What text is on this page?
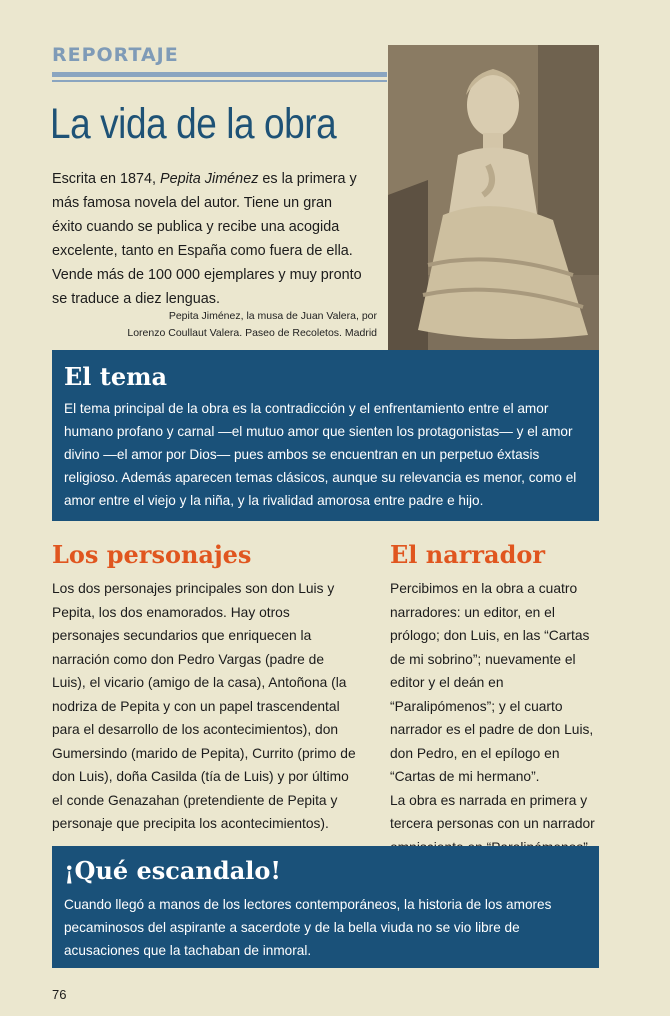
REPORTAJE
La vida de la obra

Escrita en 1874, Pepita Jiménez es la primera y más famosa novela del autor. Tiene un gran éxito cuando se publica y recibe una acogida excelente, tanto en España como fuera de ella. Vende más de 100 000 ejemplares y muy pronto se traduce a diez lenguas.

Pepita Jiménez, la musa de Juan Valera, por
Lorenzo Coullaut Valera. Paseo de Recoletos. Madrid
El tema

El tema principal de la obra es la contradicción y el enfrentamiento entre el amor humano profano y carnal —el mutuo amor que sienten los protagonistas— y el amor divino —el amor por Dios— pues ambos se encuentran en un perpetuo éxtasis religioso. Además aparecen temas clásicos, aunque su relevancia es menor, como el amor entre el viejo y la niña, y la rivalidad amorosa entre padre e hijo.

Los personajes

Los dos personajes principales son don Luis y Pepita, los dos enamorados. Hay otros personajes secundarios que enriquecen la narración como don Pedro Vargas (padre de Luis), el vicario (amigo de la casa), Antoñona (la nodriza de Pepita y con un papel trascendental para el desarrollo de los acontecimientos), don Gumersindo (marido de Pepita), Currito (primo de don Luis), doña Casilda (tía de Luis) y por último el conde Genazahan (pretendiente de Pepita y personaje que precipita los acontecimientos).

El narrador
Percibimos en la obra a cuatro narradores: un editor, en el prólogo; don Luis, en las “Cartas de mi sobrino”; nuevamente el editor y el deán en “Paralipómenos”; y el cuarto narrador es el padre de don Luis, don Pedro, en el epílogo en “Cartas de mi hermano”.
La obra es narrada en primera y tercera personas con un narrador
¡Qué escandalo!

Cuando llegó a manos de los lectores contemporáneos, la historia de los amores pecaminosos del aspirante a sacerdote y de la bella viuda no se vio libre de acusaciones que la tachaban de inmoral.

76
